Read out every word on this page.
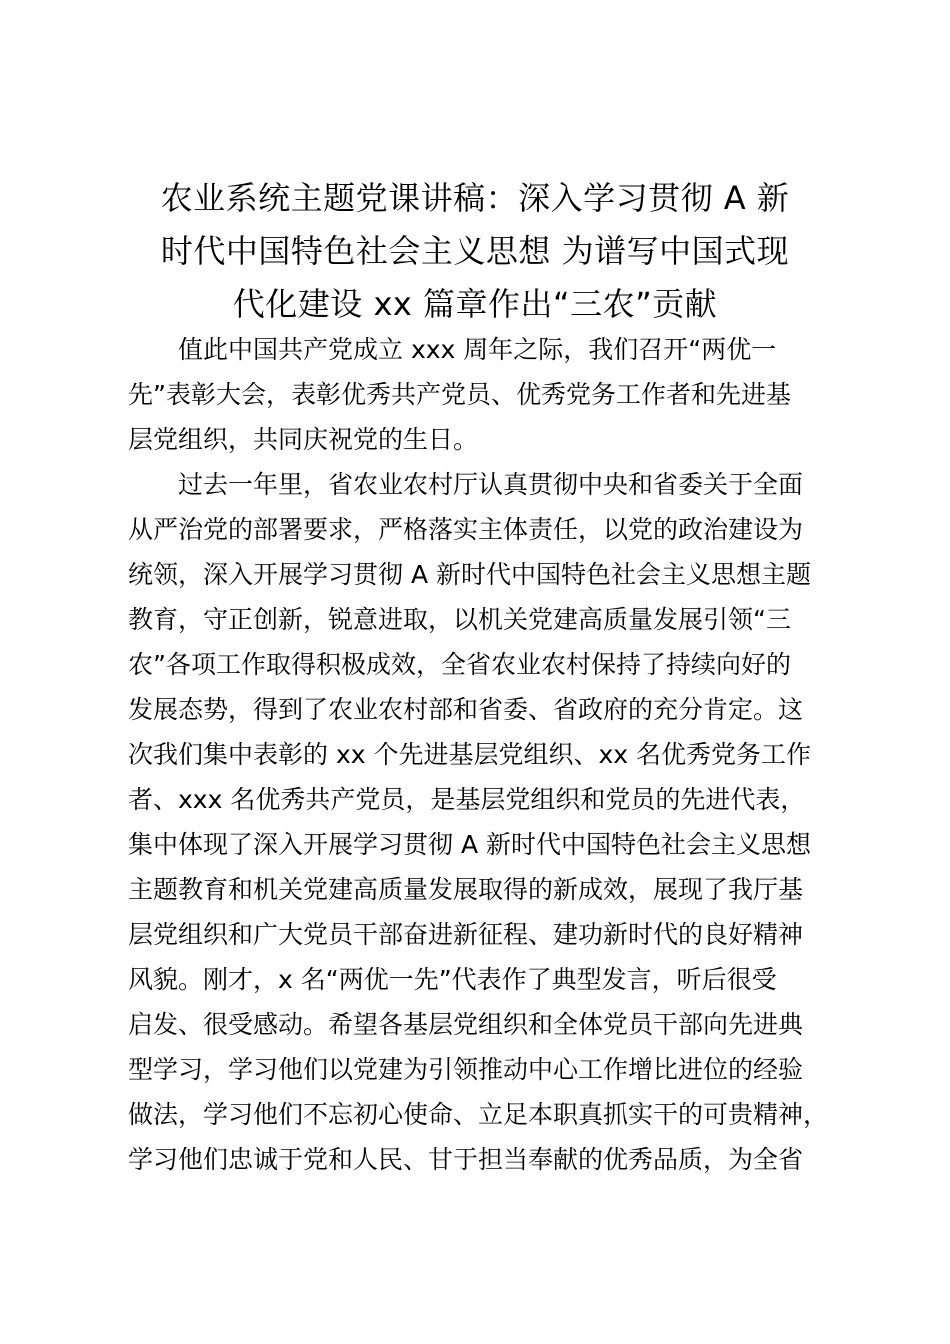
农业系统主题党课讲稿：深入学习贯彻 A 新
时代中国特色社会主义思想 为谱写中国式现
代化建设 xx 篇章作出“三农”贡献

值此中国共产党成立 xxx 周年之际，我们召开“两优一
先”表彰大会，表彰优秀共产党员、优秀党务工作者和先进基
层党组织，共同庆祝党的生日。

过去一年里，省农业农村厅认真贯彻中央和省委关于全面
从严治党的部署要求，严格落实主体责任，以党的政治建设为
统领，深入开展学习贯彻 A 新时代中国特色社会主义思想主题
教育，守正创新，锐意进取，以机关党建高质量发展引领“三
农”各项工作取得积极成效，全省农业农村保持了持续向好的
发展态势，得到了农业农村部和省委、省政府的充分肯定。这
次我们集中表彰的 xx 个先进基层党组织、xx 名优秀党务工作
者、xxx 名优秀共产党员，是基层党组织和党员的先进代表，
集中体现了深入开展学习贯彻 A 新时代中国特色社会主义思想
主题教育和机关党建高质量发展取得的新成效，展现了我厅基
层党组织和广大党员干部奋进新征程、建功新时代的良好精神
风貌。刚才，x 名“两优一先”代表作了典型发言，听后很受
启发、很受感动。希望各基层党组织和全体党员干部向先进典
型学习，学习他们以党建为引领推动中心工作增比进位的经验
做法，学习他们不忘初心使命、立足本职真抓实干的可贵精神，
学习他们忠诚于党和人民、甘于担当奉献的优秀品质，为全省
